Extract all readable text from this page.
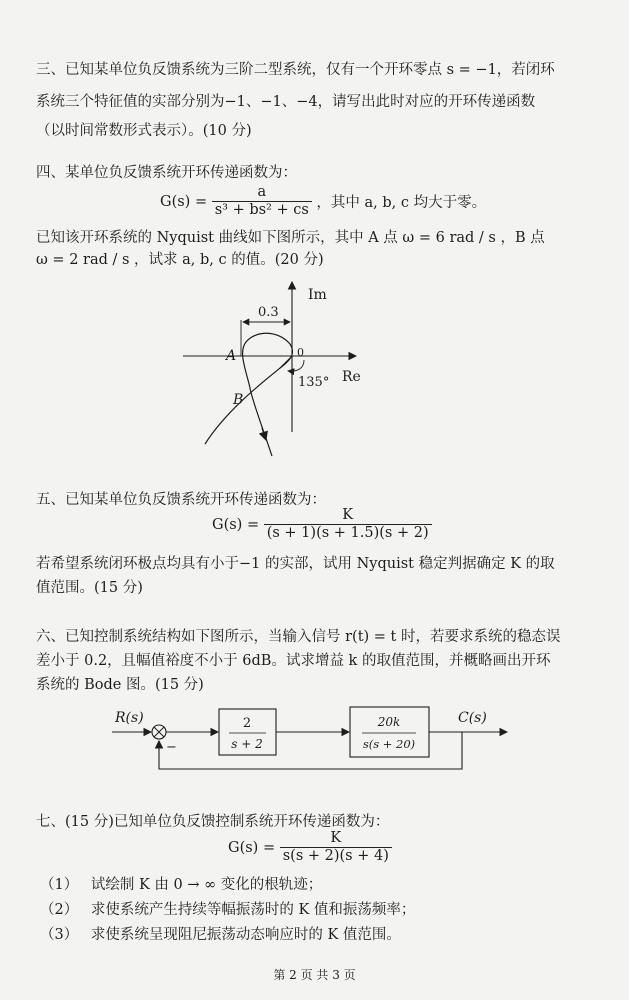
三、已知某单位负反馈系统为三阶二型系统，仅有一个开环零点 s = −1，若闭环
系统三个特征值的实部分别为−1、−1、−4，请写出此时对应的开环传递函数
（以时间常数形式表示）。(10 分)
四、某单位负反馈系统开环传递函数为：
$G(s) = \frac{a}{\text{s³ + bs² + cs}}$ ，其中 a, b, c 均大于零。
已知该开环系统的 Nyquist 曲线如下图所示，其中 A 点 ω = 6 rad / s ，B 点
ω = 2 rad / s ，试求 a, b, c 的值。(20 分)
Im
Re
0.3
0
135°
A
B
五、已知某单位负反馈系统开环传递函数为：
$G(s) = \frac{K}{(s + 1)(s + 1.5)(s + 2)}$
若希望系统闭环极点均具有小于−1 的实部，试用 Nyquist 稳定判据确定 K 的取
值范围。(15 分)
六、已知控制系统结构如下图所示，当输入信号 r(t) = t 时，若要求系统的稳态误
差小于 0.2，且幅值裕度不小于 6dB。试求增益 k 的取值范围，并概略画出开环
系统的 Bode 图。(15 分)
R(s)
−
2
s + 2
20k
s(s + 20)
C(s)
七、(15 分)已知单位负反馈控制系统开环传递函数为：
$G(s) = \frac{K}{s(s + 2)(s + 4)}$
（1） 试绘制 K 由 0 → ∞ 变化的根轨迹；
（2） 求使系统产生持续等幅振荡时的 K 值和振荡频率；
（3） 求使系统呈现阻尼振荡动态响应时的 K 值范围。
第 2 页 共 3 页
